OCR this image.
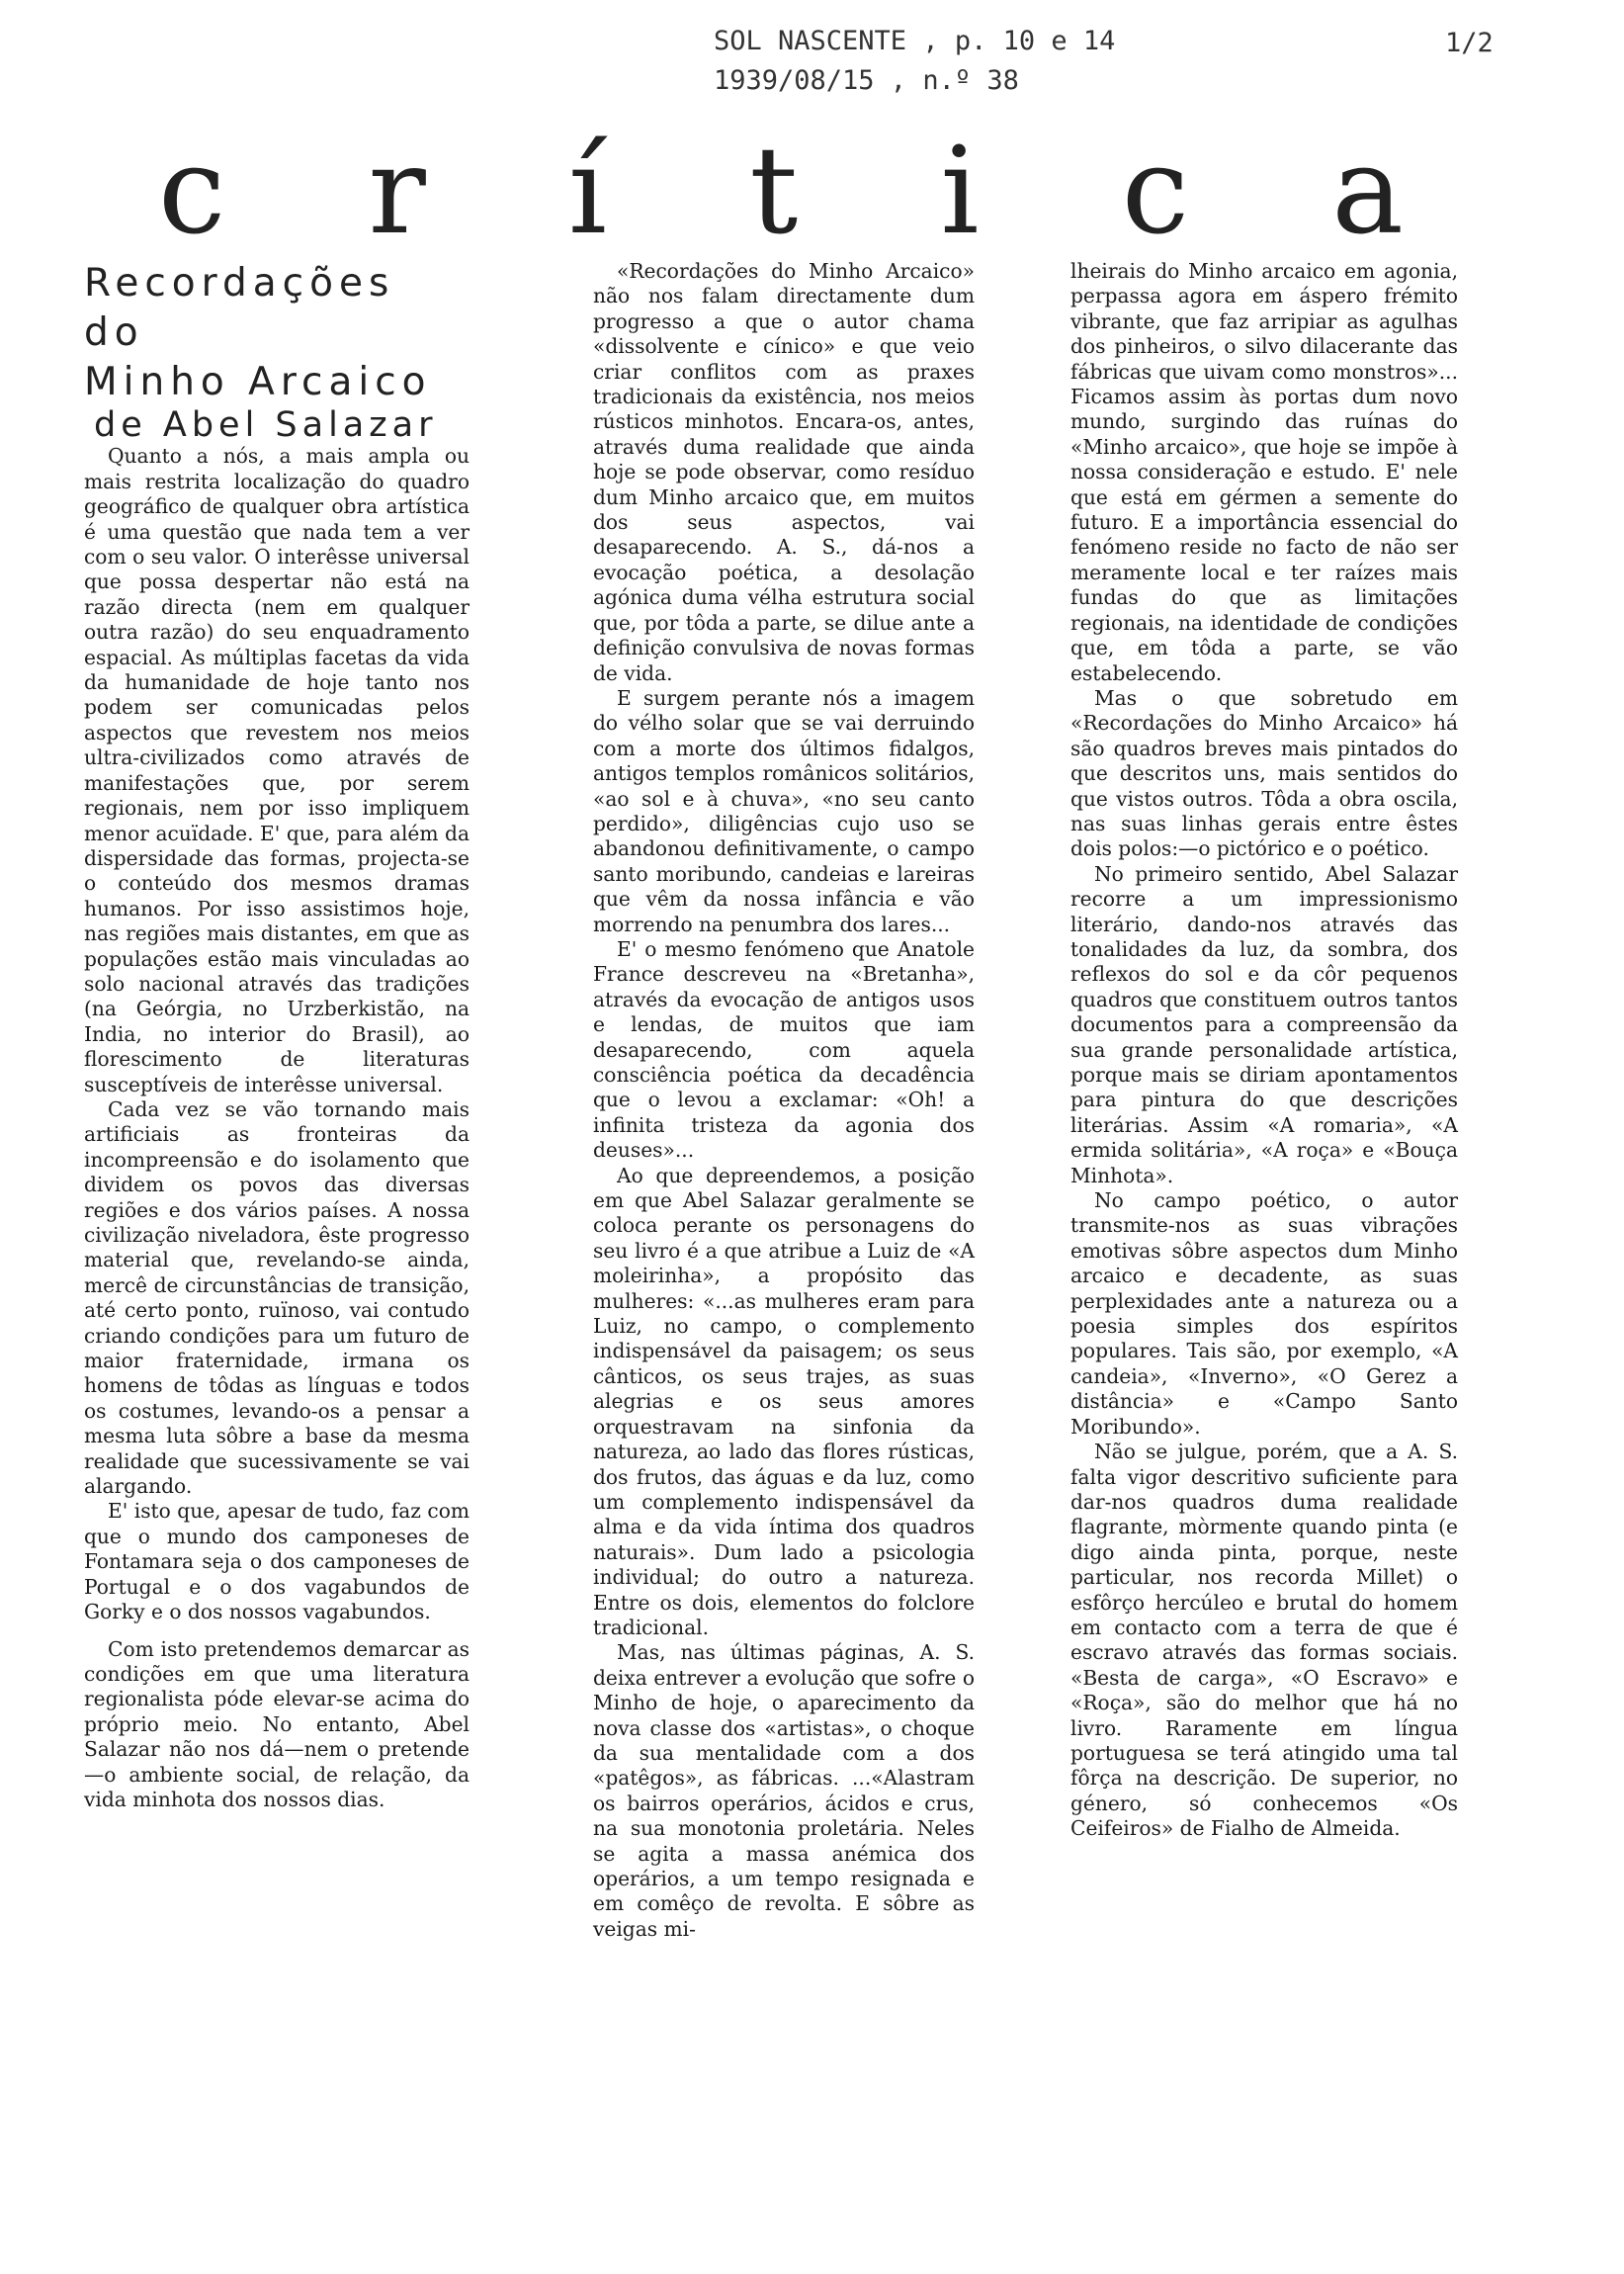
SOL NASCENTE , p. 10 e 14
1939/08/15 , n.º 38
1/2
c r í t i c a
Recordações do
Minho Arcaico
de Abel Salazar

Quanto a nós, a mais ampla ou mais restrita localização do quadro geográfico de qualquer obra artística é uma questão que nada tem a ver com o seu valor. O interêsse universal que possa despertar não está na razão directa (nem em qualquer outra razão) do seu enquadramento espacial. As múltiplas facetas da vida da humanidade de hoje tanto nos podem ser comunicadas pelos aspectos que revestem nos meios ultra-civilizados como através de manifestações que, por serem regionais, nem por isso impliquem menor acuïdade. E' que, para além da dispersidade das formas, projecta-se o conteúdo dos mesmos dramas humanos. Por isso assistimos hoje, nas regiões mais distantes, em que as populações estão mais vinculadas ao solo nacional através das tradições (na Geórgia, no Urzberkistão, na India, no interior do Brasil), ao florescimento de literaturas susceptíveis de interêsse universal.

Cada vez se vão tornando mais artificiais as fronteiras da incompreensão e do isolamento que dividem os povos das diversas regiões e dos vários países. A nossa civilização niveladora, êste progresso material que, revelando-se ainda, mercê de circunstâncias de transição, até certo ponto, ruïnoso, vai contudo criando condições para um futuro de maior fraternidade, irmana os homens de tôdas as línguas e todos os costumes, levando-os a pensar a mesma luta sôbre a base da mesma realidade que sucessivamente se vai alargando.

E' isto que, apesar de tudo, faz com que o mundo dos camponeses de Fontamara seja o dos camponeses de Portugal e o dos vagabundos de Gorky e o dos nossos vagabundos.

Com isto pretendemos demarcar as condições em que uma literatura regionalista póde elevar-se acima do próprio meio. No entanto, Abel Salazar não nos dá—nem o pretende—o ambiente social, de relação, da vida minhota dos nossos dias.

«Recordações do Minho Arcaico» não nos falam directamente dum progresso a que o autor chama «dissolvente e cínico» e que veio criar conflitos com as praxes tradicionais da existência, nos meios rústicos minhotos. Encara-os, antes, através duma realidade que ainda hoje se pode observar, como resíduo dum Minho arcaico que, em muitos dos seus aspectos, vai desaparecendo. A. S., dá-nos a evocação poética, a desolação agónica duma vélha estrutura social que, por tôda a parte, se dilue ante a definição convulsiva de novas formas de vida.

E surgem perante nós a imagem do vélho solar que se vai derruindo com a morte dos últimos fidalgos, antigos templos românicos solitários, «ao sol e à chuva», «no seu canto perdido», diligências cujo uso se abandonou definitivamente, o campo santo moribundo, candeias e lareiras que vêm da nossa infância e vão morrendo na penumbra dos lares...

E' o mesmo fenómeno que Anatole France descreveu na «Bretanha», através da evocação de antigos usos e lendas, de muitos que iam desaparecendo, com aquela consciência poética da decadência que o levou a exclamar: «Oh! a infinita tristeza da agonia dos deuses»...

Ao que depreendemos, a posição em que Abel Salazar geralmente se coloca perante os personagens do seu livro é a que atribue a Luiz de «A moleirinha», a propósito das mulheres: «...as mulheres eram para Luiz, no campo, o complemento indispensável da paisagem; os seus cânticos, os seus trajes, as suas alegrias e os seus amores orquestravam na sinfonia da natureza, ao lado das flores rústicas, dos frutos, das águas e da luz, como um complemento indispensável da alma e da vida íntima dos quadros naturais». Dum lado a psicologia individual; do outro a natureza. Entre os dois, elementos do folclore tradicional.

Mas, nas últimas páginas, A. S. deixa entrever a evolução que sofre o Minho de hoje, o aparecimento da nova classe dos «artistas», o choque da sua mentalidade com a dos «patêgos», as fábricas. ...«Alastram os bairros operários, ácidos e crus, na sua monotonia proletária. Neles se agita a massa anémica dos operários, a um tempo resignada e em comêço de revolta. E sôbre as veigas mi-

lheirais do Minho arcaico em agonia, perpassa agora em áspero frémito vibrante, que faz arripiar as agulhas dos pinheiros, o silvo dilacerante das fábricas que uivam como monstros»... Ficamos assim às portas dum novo mundo, surgindo das ruínas do «Minho arcaico», que hoje se impõe à nossa consideração e estudo. E' nele que está em gérmen a semente do futuro. E a importância essencial do fenómeno reside no facto de não ser meramente local e ter raízes mais fundas do que as limitações regionais, na identidade de condições que, em tôda a parte, se vão estabelecendo.

Mas o que sobretudo em «Recordações do Minho Arcaico» há são quadros breves mais pintados do que descritos uns, mais sentidos do que vistos outros. Tôda a obra oscila, nas suas linhas gerais entre êstes dois polos:—o pictórico e o poético.

No primeiro sentido, Abel Salazar recorre a um impressionismo literário, dando-nos através das tonalidades da luz, da sombra, dos reflexos do sol e da côr pequenos quadros que constituem outros tantos documentos para a compreensão da sua grande personalidade artística, porque mais se diriam apontamentos para pintura do que descrições literárias. Assim «A romaria», «A ermida solitária», «A roça» e «Bouça Minhota».

No campo poético, o autor transmite-nos as suas vibrações emotivas sôbre aspectos dum Minho arcaico e decadente, as suas perplexidades ante a natureza ou a poesia simples dos espíritos populares. Tais são, por exemplo, «A candeia», «Inverno», «O Gerez a distância» e «Campo Santo Moribundo».

Não se julgue, porém, que a A. S. falta vigor descritivo suficiente para dar-nos quadros duma realidade flagrante, mòrmente quando pinta (e digo ainda pinta, porque, neste particular, nos recorda Millet) o esfôrço hercúleo e brutal do homem em contacto com a terra de que é escravo através das formas sociais. «Besta de carga», «O Escravo» e «Roça», são do melhor que há no livro. Raramente em língua portuguesa se terá atingido uma tal fôrça na descrição. De superior, no género, só conhecemos «Os Ceifeiros» de Fialho de Almeida.
